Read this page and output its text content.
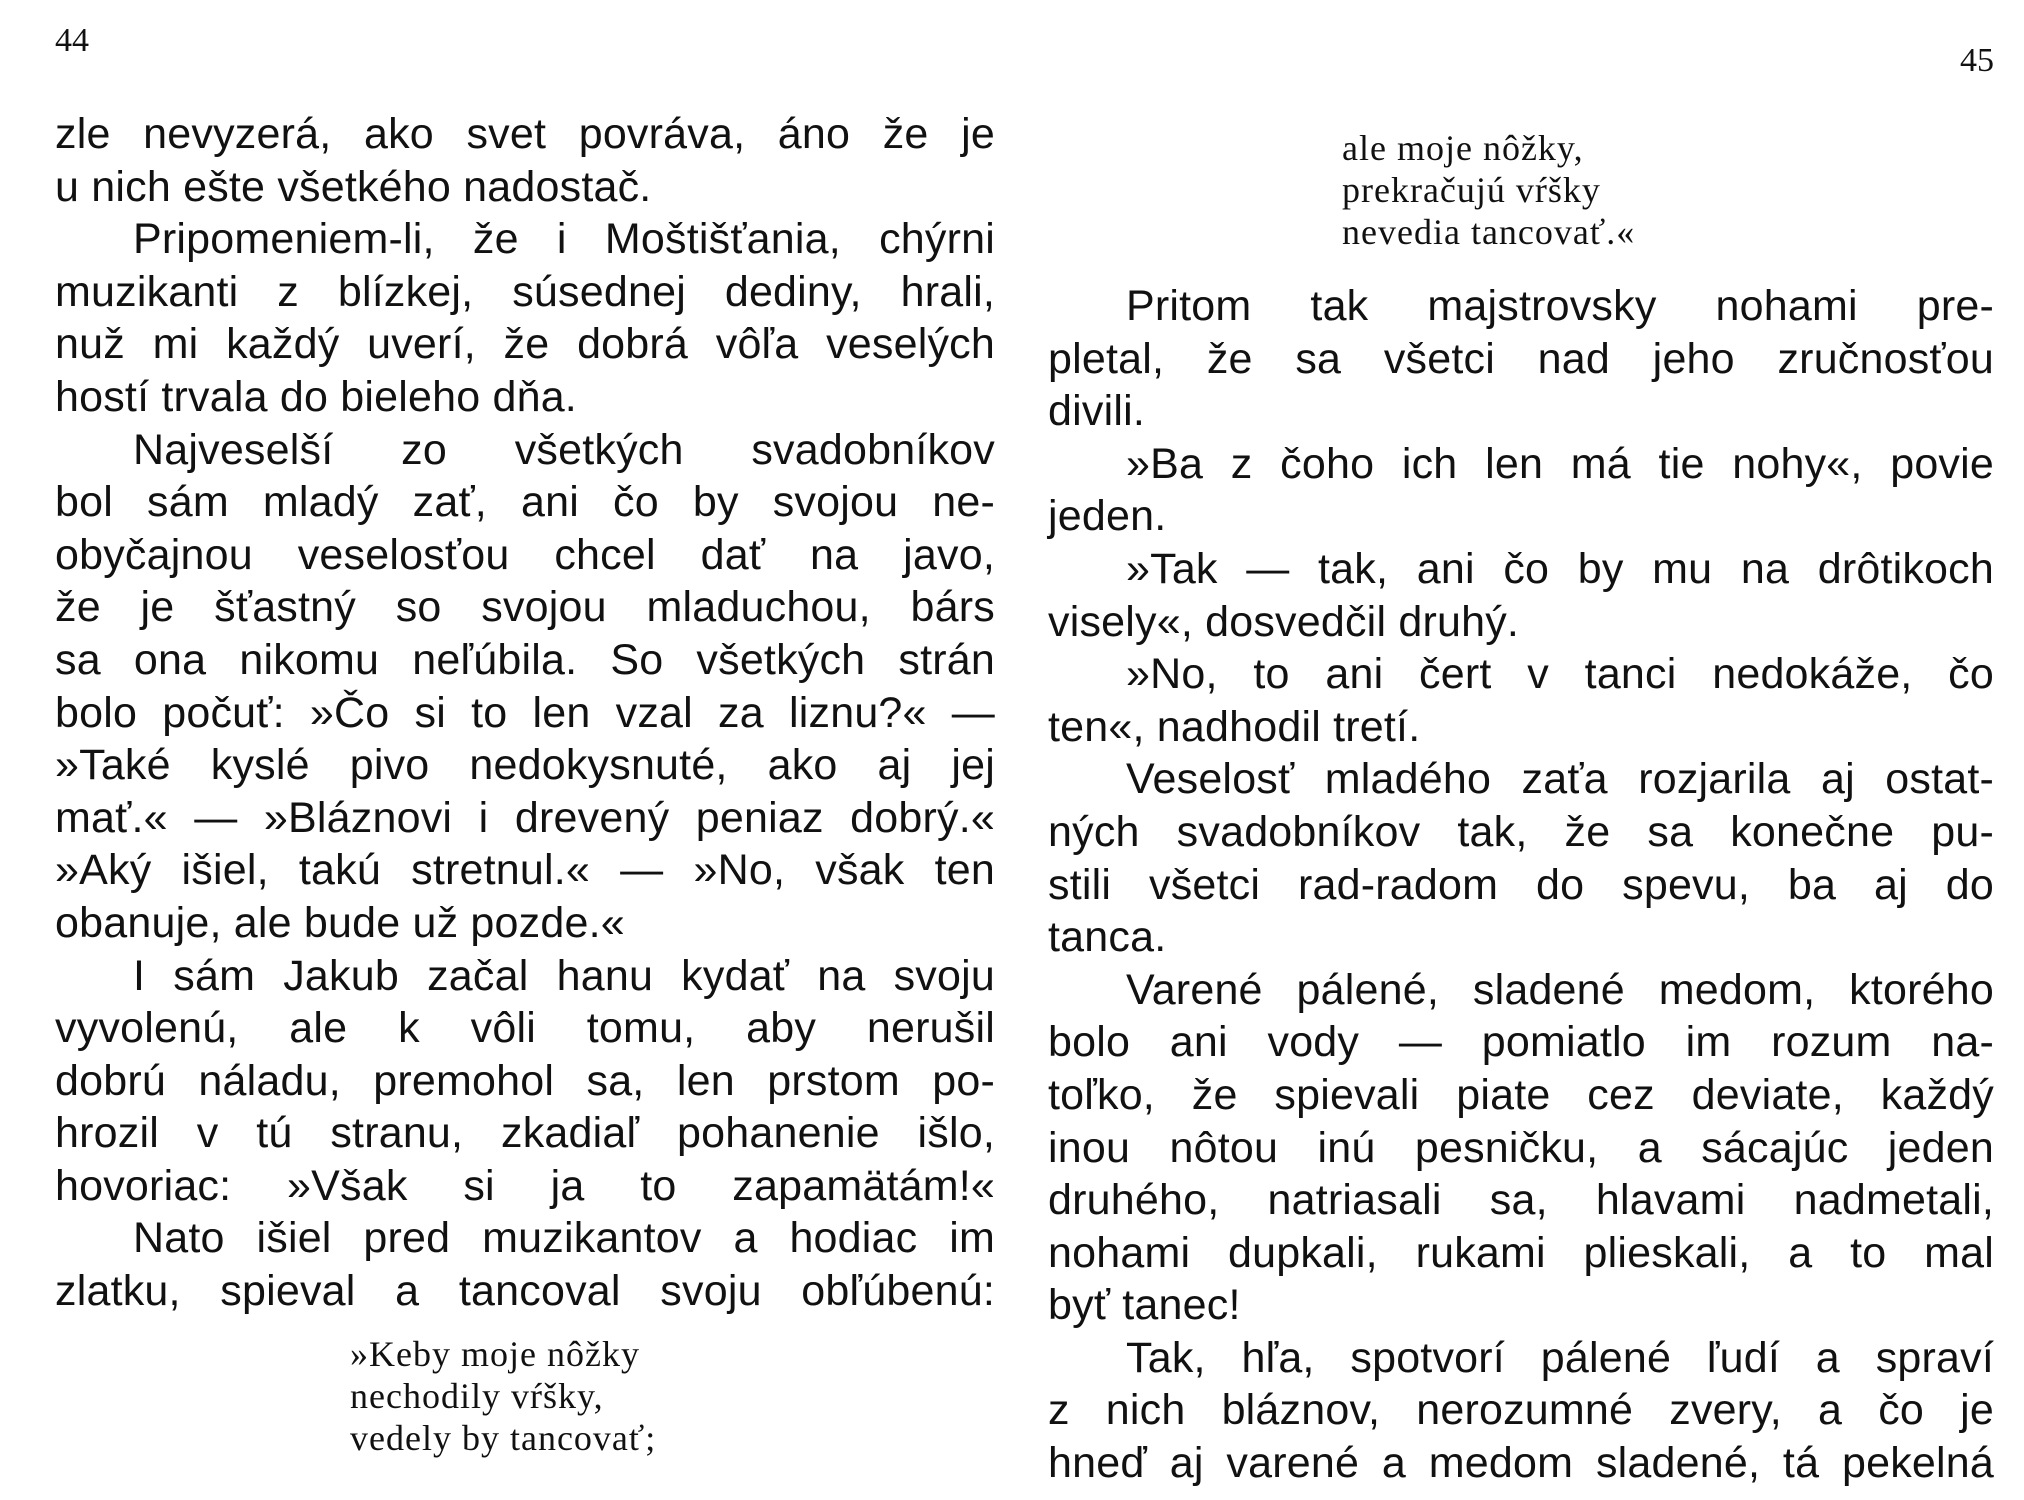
44
zle nevyzerá, ako svet povráva, áno že je
u nich ešte všetkého nadostač.
Pripomeniem-li, že i Moštišťania, chýrni
muzikanti z blízkej, súsednej dediny, hrali,
nuž mi každý uverí, že dobrá vôľa veselých
hostí trvala do bieleho dňa.
Najveselší zo všetkých svadobníkov
bol sám mladý zať, ani čo by svojou ne-
obyčajnou veselosťou chcel dať na javo,
že je šťastný so svojou mladuchou, bárs
sa ona nikomu neľúbila. So všetkých strán
bolo počuť: »Čo si to len vzal za liznu?« —
»Také kyslé pivo nedokysnuté, ako aj jej
mať.« — »Bláznovi i drevený peniaz dobrý.«
»Aký išiel, takú stretnul.« — »No, však ten
obanuje, ale bude už pozde.«
I sám Jakub začal hanu kydať na svoju
vyvolenú, ale k vôli tomu, aby nerušil
dobrú náladu, premohol sa, len prstom po-
hrozil v tú stranu, zkadiaľ pohanenie išlo,
hovoriac: »Však si ja to zapamätám!«
Nato išiel pred muzikantov a hodiac im
zlatku, spieval a tancoval svoju obľúbenú:
»Keby moje nôžky
nechodily vŕšky,
vedely by tancovať;
45
ale moje nôžky,
prekračujú vŕšky
nevedia tancovať.«
Pritom tak majstrovsky nohami pre-
pletal, že sa všetci nad jeho zručnosťou
divili.
»Ba z čoho ich len má tie nohy«, povie
jeden.
»Tak — tak, ani čo by mu na drôtikoch
visely«, dosvedčil druhý.
»No, to ani čert v tanci nedokáže, čo
ten«, nadhodil tretí.
Veselosť mladého zaťa rozjarila aj ostat-
ných svadobníkov tak, že sa konečne pu-
stili všetci rad-radom do spevu, ba aj do
tanca.
Varené pálené, sladené medom, ktorého
bolo ani vody — pomiatlo im rozum na-
toľko, že spievali piate cez deviate, každý
inou nôtou inú pesničku, a sácajúc jeden
druhého, natriasali sa, hlavami nadmetali,
nohami dupkali, rukami plieskali, a to mal
byť tanec!
Tak, hľa, spotvorí pálené ľudí a spraví
z nich bláznov, nerozumné zvery, a čo je
hneď aj varené a medom sladené, tá pekelná
